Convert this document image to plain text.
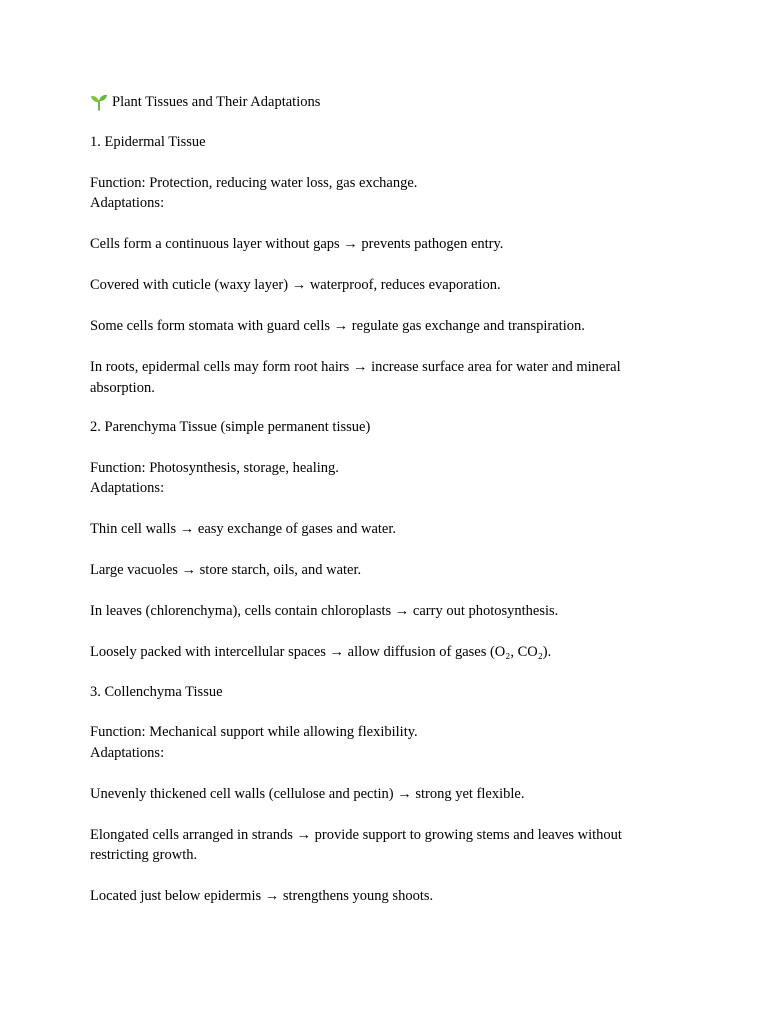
Plant Tissues and Their Adaptations

1. Epidermal Tissue

Function: Protection, reducing water loss, gas exchange.

Adaptations:

Cells form a continuous layer without gaps → prevents pathogen entry.

Covered with cuticle (waxy layer) → waterproof, reduces evaporation.

Some cells form stomata with guard cells → regulate gas exchange and transpiration.

In roots, epidermal cells may form root hairs → increase surface area for water and mineral absorption.

2. Parenchyma Tissue (simple permanent tissue)

Function: Photosynthesis, storage, healing.

Adaptations:

Thin cell walls → easy exchange of gases and water.

Large vacuoles → store starch, oils, and water.

In leaves (chlorenchyma), cells contain chloroplasts → carry out photosynthesis.

Loosely packed with intercellular spaces → allow diffusion of gases (O₂, CO₂).

3. Collenchyma Tissue

Function: Mechanical support while allowing flexibility.

Adaptations:

Unevenly thickened cell walls (cellulose and pectin) → strong yet flexible.

Elongated cells arranged in strands → provide support to growing stems and leaves without restricting growth.

Located just below epidermis → strengthens young shoots.
